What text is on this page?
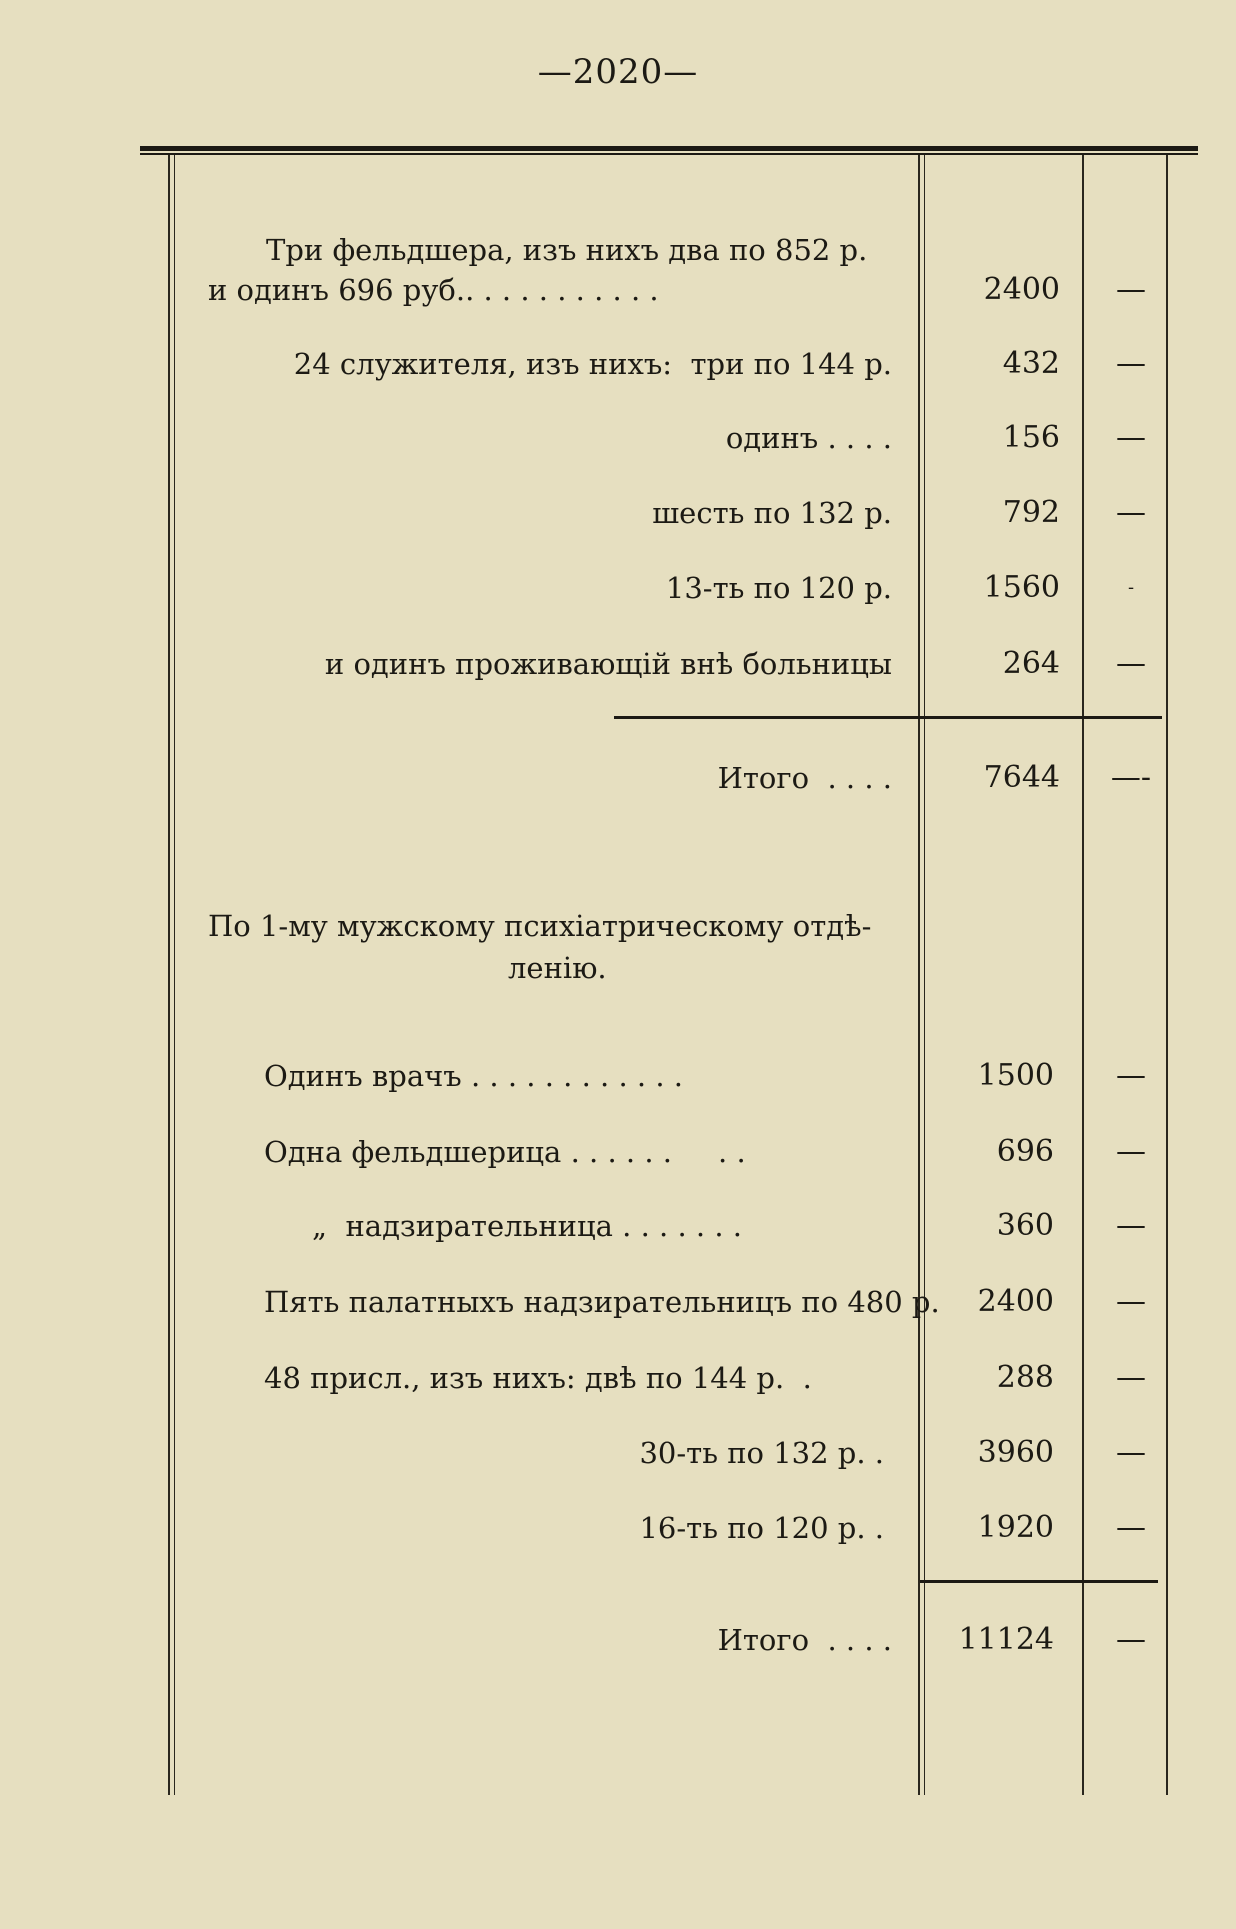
—2020—
Три фельдшера, изъ нихъ два по 852 р.
и одинъ 696 руб.. . . . . . . . . . .	2400 —
24 служителя, изъ нихъ:  три по 144 р.	432 —
одинъ . . . .	156 —
шесть по 132 р.	792 —
13-ть по 120 р.	1560	-
и одинъ проживающій внѣ больницы	264 —
Итого  . . . .	7644 —-
По 1-му мужскому психіатрическому отдѣ-
ленію.
Одинъ врачъ . . . . . . . . . . . .	1500 —
Одна фельдшерица . . . . . .     . .	696 —
„  надзирательница . . . . . . .	360 —
Пять палатныхъ надзирательницъ по 480 р.	2400 —
48 присл., изъ нихъ: двѣ по 144 р.  .	288 —
30-ть по 132 р. .	3960 —
16-ть по 120 р. .	1920 —
Итого  . . . .	11124 —
